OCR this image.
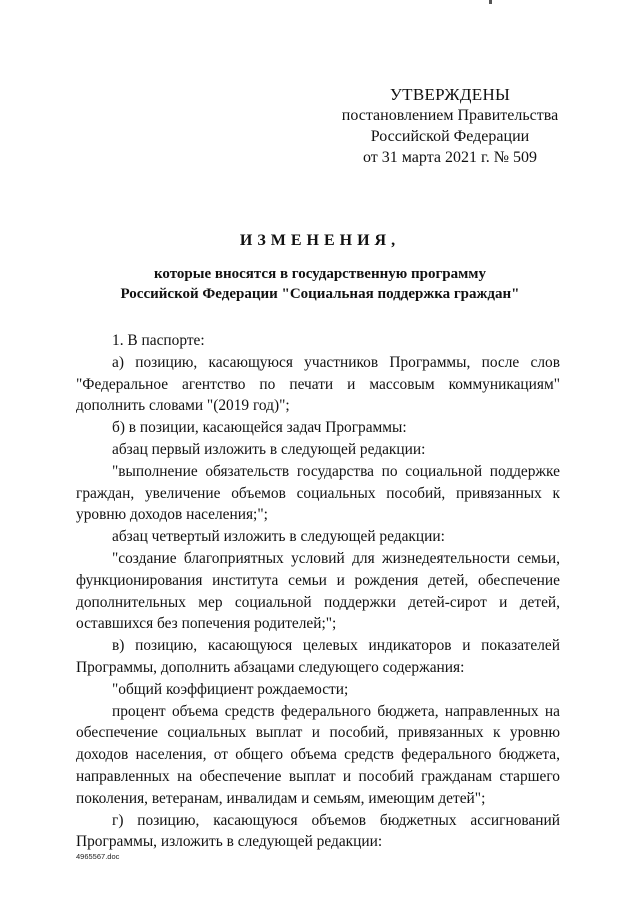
УТВЕРЖДЕНЫ
постановлением Правительства
Российской Федерации
от 31 марта 2021 г. № 509
ИЗМЕНЕНИЯ,
которые вносятся в государственную программу
Российской Федерации "Социальная поддержка граждан"

1. В паспорте:

а) позицию, касающуюся участников Программы, после слов "Федеральное агентство по печати и массовым коммуникациям" дополнить словами "(2019 год)";

б) в позиции, касающейся задач Программы:

абзац первый изложить в следующей редакции:

"выполнение обязательств государства по социальной поддержке граждан, увеличение объемов социальных пособий, привязанных к уровню доходов населения;";

абзац четвертый изложить в следующей редакции:

"создание благоприятных условий для жизнедеятельности семьи, функционирования института семьи и рождения детей, обеспечение дополнительных мер социальной поддержки детей-сирот и детей, оставшихся без попечения родителей;";

в) позицию, касающуюся целевых индикаторов и показателей Программы, дополнить абзацами следующего содержания:

"общий коэффициент рождаемости;

процент объема средств федерального бюджета, направленных на обеспечение социальных выплат и пособий, привязанных к уровню доходов населения, от общего объема средств федерального бюджета, направленных на обеспечение выплат и пособий гражданам старшего поколения, ветеранам, инвалидам и семьям, имеющим детей";

г) позицию, касающуюся объемов бюджетных ассигнований Программы, изложить в следующей редакции:

4965567.doc
